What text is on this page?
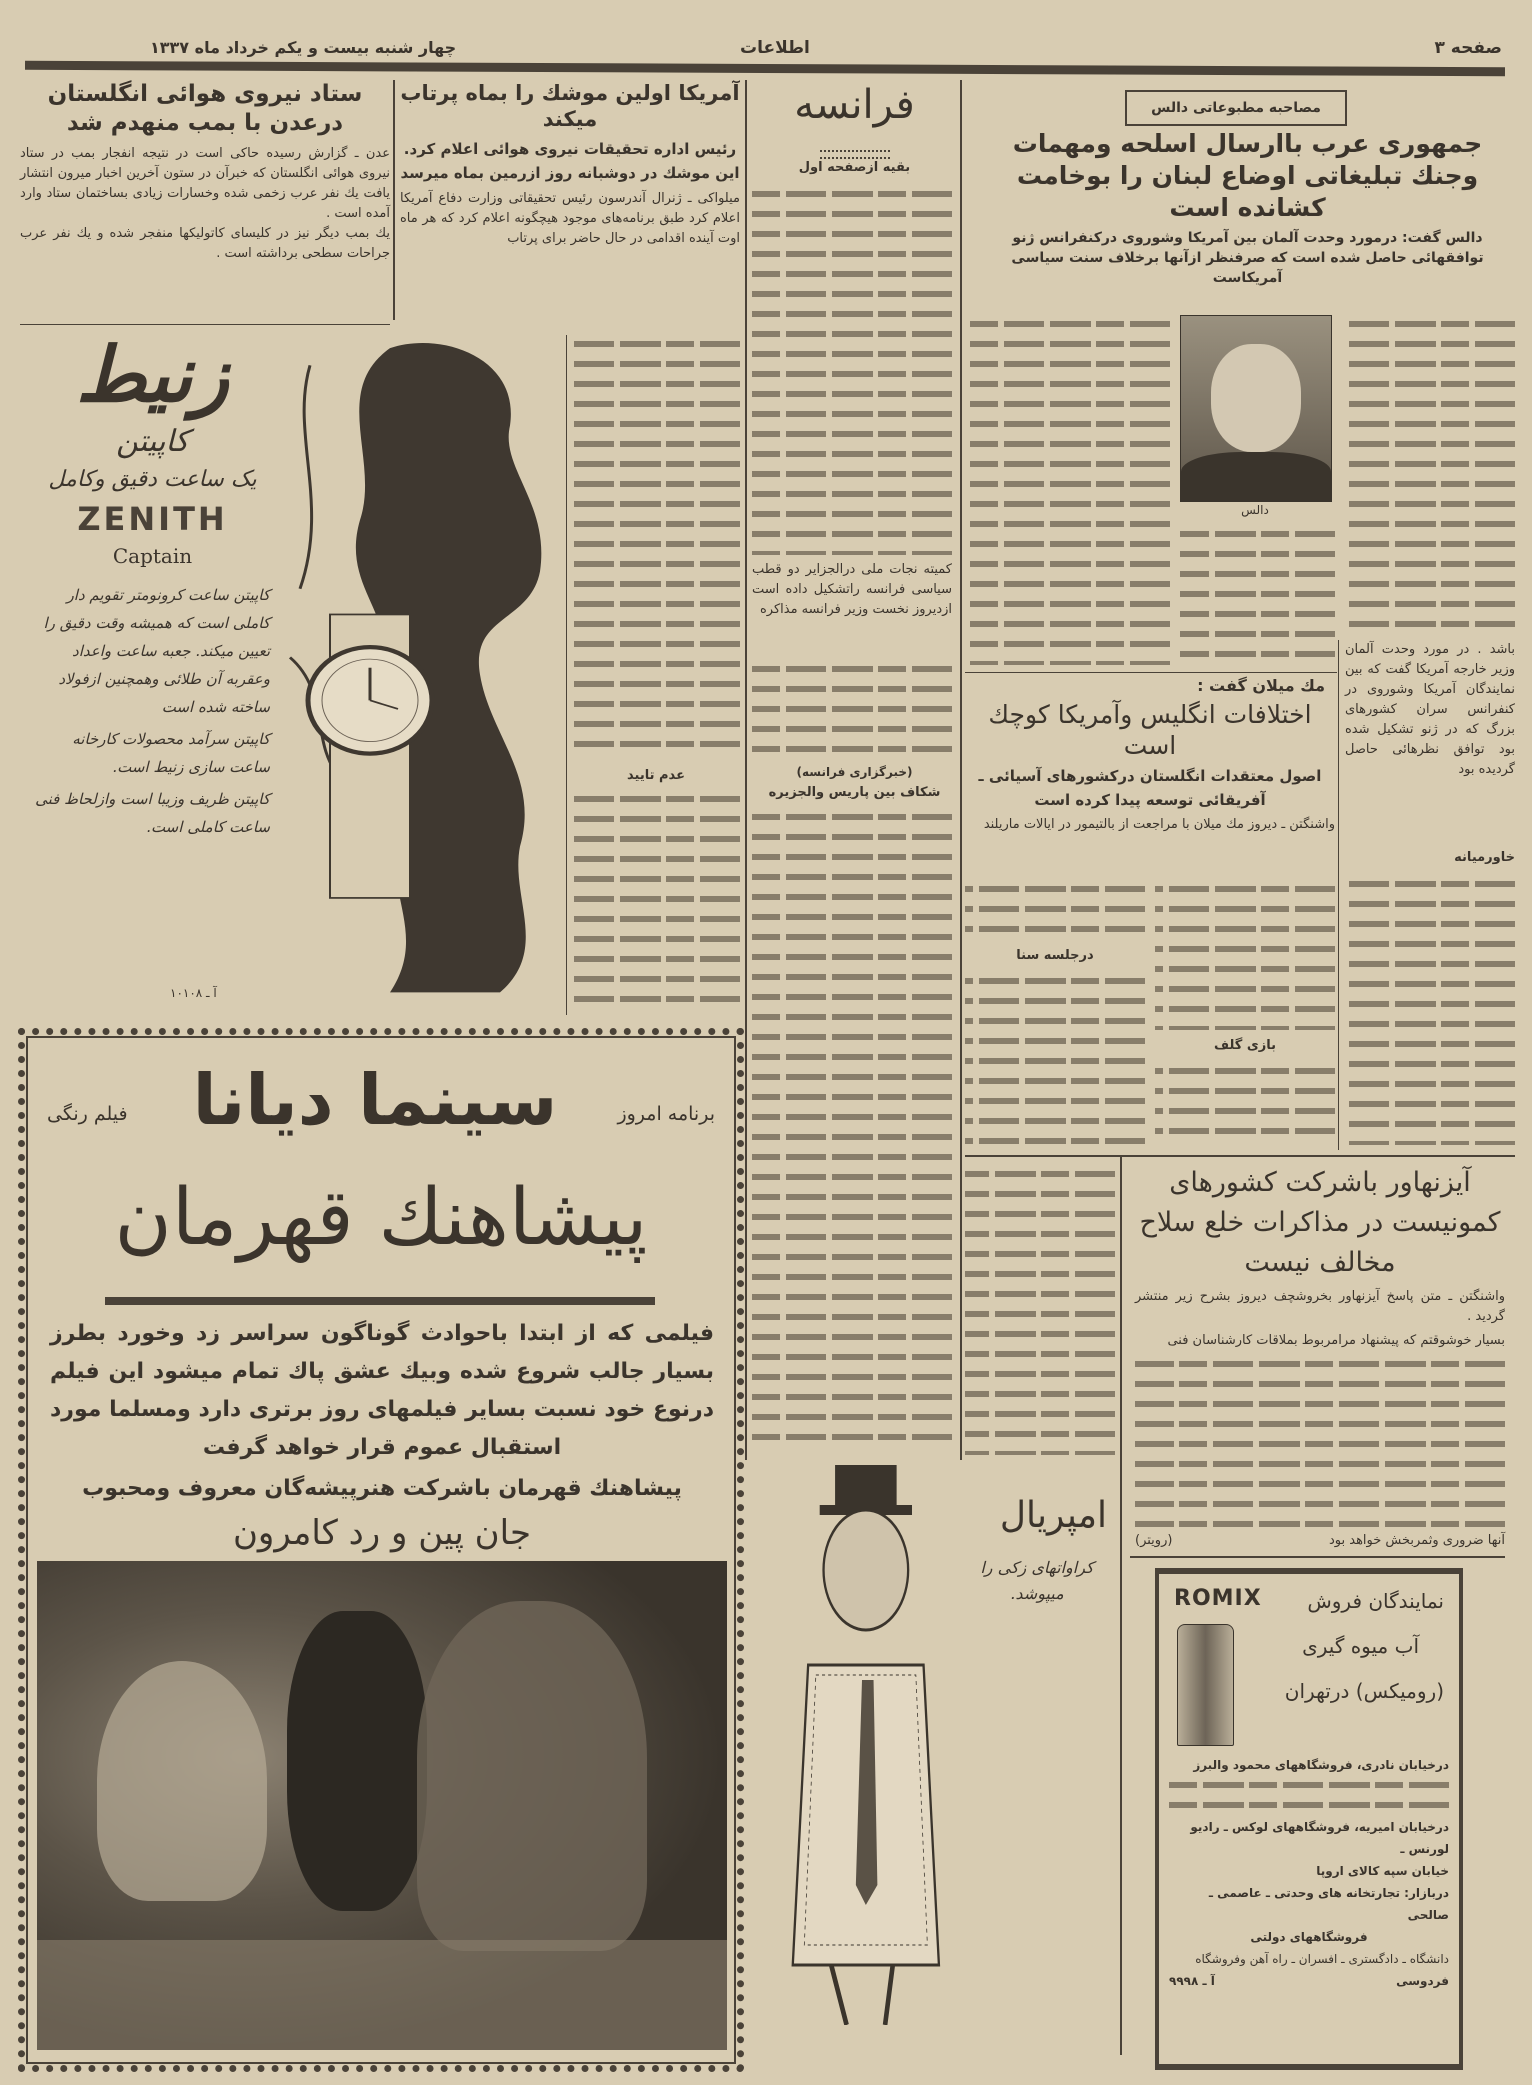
صفحه ۳
اطلاعات
چهار شنبه بیست و یکم خرداد ماه ۱۳۳۷
ستاد نیروی هوائی انگلستان درعدن با بمب منهدم شد
عدن ـ گزارش رسیده حاکی است در نتیجه انفجار بمب در ستاد نیروی هوائی انگلستان که خبرآن در ستون آخرین اخبار میرون انتشار یافت یك نفر عرب زخمی شده وخسارات زیادی بساختمان ستاد وارد آمده است .
یك بمب دیگر نیز در کلیسای کاتولیکها منفجر شده و یك نفر عرب جراحات سطحی برداشته است .
زنیط
کاپیتن
یک ساعت دقیق وکامل
ZENITH
Captain
کاپیتن ساعت کرونومتر تقویم دار کاملی است که همیشه وقت دقیق را تعیین میکند. جعبه ساعت واعداد وعقربه آن طلائی وهمچنین ازفولاد ساخته شده است
کاپیتن سرآمد محصولات کارخانه ساعت سازی زنیط است.
کاپیتن ظریف وزیبا است وازلحاظ فنی ساعت کاملی است.
آ ـ ۱۰۱۰۸
آمریکا اولین موشك را بماه پرتاب میکند
رئیس اداره تحقیقات نیروی هوائی اعلام کرد. این موشك در دوشبانه روز ازرمین بماه میرسد
میلواکی ـ ژنرال آندرسون رئیس تحقیقاتی وزارت دفاع آمریکا اعلام کرد طبق برنامه‌های موجود هیچگونه اعلام کرد که هر ماه اوت آینده اقدامی در حال حاضر برای پرتاب
عدم تایید
برنامه امروز
سینما دیانا
فیلم رنگی
پیشاهنك قهرمان
فیلمی که از ابتدا باحوادث گوناگون سراسر زد وخورد بطرز بسیار جالب شروع شده وبیك عشق پاك تمام میشود این فیلم درنوع خود نسبت بسایر فیلمهای روز برتری دارد ومسلما مورد استقبال عموم قرار خواهد گرفت
پیشاهنك قهرمان باشرکت هنرپیشه‌گان معروف ومحبوب
جان پین و رد کامرون
فرانسه
بقیه ازصفحه اول
کمیته نجات ملی درالجزایر دو قطب سیاسی فرانسه راتشکیل داده است ازدیروز نخست وزیر فرانسه مذاکره
(خبرگزاری فرانسه)
شکاف بین پاریس والجزیره
امپریال
کراواتهای زکی را میپوشد.
مصاحبه مطبوعاتی دالس
جمهوری عرب باارسال اسلحه ومهمات وجنك تبلیغاتی اوضاع لبنان را بوخامت کشانده است
دالس گفت: درمورد وحدت آلمان بین آمریکا وشوروی درکنفرانس ژنو توافقهائی حاصل شده است که صرفنظر ازآنها برخلاف سنت سیاسی آمریکاست
دالس
باشد . در مورد وحدت آلمان وزیر خارجه آمریکا گفت که بین نمایندگان آمریکا وشوروی در کنفرانس سران کشورهای بزرگ که در ژنو تشکیل شده بود توافق نظرهائی حاصل گردیده بود
خاورمیانه
مك میلان گفت :
اختلافات انگلیس وآمریکا کوچك است
اصول معتقدات انگلستان درکشورهای آسیائی ـ آفریقائی توسعه پیدا کرده است
واشنگتن ـ دیروز مك میلان با مراجعت از بالتیمور در ایالات ماریلند
درجلسه سنا
بازی گلف
آیزنهاور باشرکت کشورهای کمونیست در مذاکرات خلع سلاح مخالف نیست
واشنگتن ـ متن پاسخ آیزنهاور بخروشچف دیروز بشرح زیر منتشر گردید .
بسیار خوشوقتم که پیشنهاد مرامربوط بملاقات کارشناسان فنی
آنها ضروری وثمربخش خواهد بود
(رویتر)
ROMIX نمایندگان فروش
آب میوه گیری
(رومیکس) درتهران
درخیابان نادری، فروشگاههای محمود والبرز
درخیابان امیریه، فروشگاههای لوکس ـ رادیو لورنس ـ
خیابان سپه کالای اروپا
دربازار: تجارتخانه های وحدتی ـ عاصمی ـ صالحی
فروشگاههای دولتی
دانشگاه ـ دادگستری ـ افسران ـ راه آهن وفروشگاه
فردوسی
آ ـ ۹۹۹۸
